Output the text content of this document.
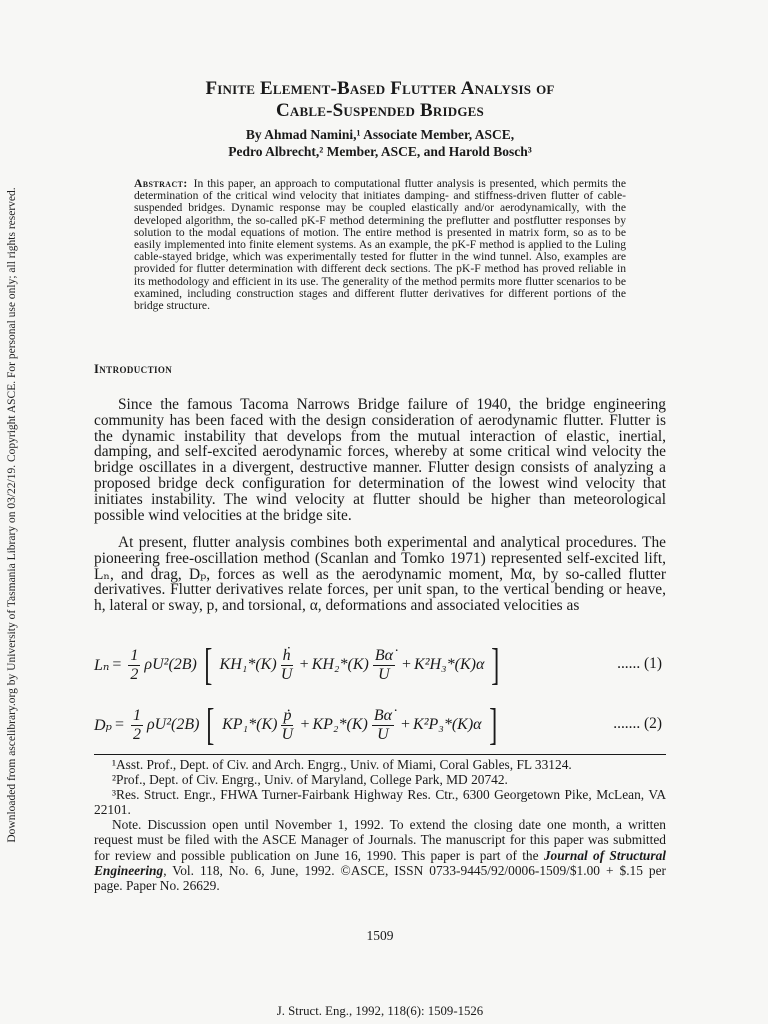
Downloaded from ascelibrary.org by University of Tasmania Library on 03/22/19. Copyright ASCE. For personal use only; all rights reserved.
Finite Element-Based Flutter Analysis of
Cable-Suspended Bridges
By Ahmad Namini,¹ Associate Member, ASCE,
Pedro Albrecht,² Member, ASCE, and Harold Bosch³
Abstract: In this paper, an approach to computational flutter analysis is presented, which permits the determination of the critical wind velocity that initiates damping- and stiffness-driven flutter of cable-suspended bridges. Dynamic response may be coupled elastically and/or aerodynamically, with the developed algorithm, the so-called pK-F method determining the preflutter and postflutter responses by solution to the modal equations of motion. The entire method is presented in matrix form, so as to be easily implemented into finite element systems. As an example, the pK-F method is applied to the Luling cable-stayed bridge, which was experimentally tested for flutter in the wind tunnel. Also, examples are provided for flutter determination with different deck sections. The pK-F method has proved reliable in its methodology and efficient in its use. The generality of the method permits more flutter scenarios to be examined, including construction stages and different flutter derivatives for different portions of the bridge structure.
Introduction

Since the famous Tacoma Narrows Bridge failure of 1940, the bridge engineering community has been faced with the design consideration of aerodynamic flutter. Flutter is the dynamic instability that develops from the mutual interaction of elastic, inertial, damping, and self-excited aerodynamic forces, whereby at some critical wind velocity the bridge oscillates in a divergent, destructive manner. Flutter design consists of analyzing a proposed bridge deck configuration for determination of the lowest wind velocity that initiates instability. The wind velocity at flutter should be higher than meteorological possible wind velocities at the bridge site.

At present, flutter analysis combines both experimental and analytical procedures. The pioneering free-oscillation method (Scanlan and Tomko 1971) represented self-excited lift, Lₙ, and drag, Dₚ, forces as well as the aerodynamic moment, Mα, by so-called flutter derivatives. Flutter derivatives relate forces, per unit span, to the vertical bending or heave, h, lateral or sway, p, and torsional, α, deformations and associated velocities as

$L_n = \frac{1}{2} \rho U^2(2B)$ [ $KH_1*(K) \frac{\text{ḣ}}{U} + KH_2*(K) \frac{B\alphȧ}{U} + K^2H_3*(K)\alpha$ ]	...... (1)
$D_p = \frac{1}{2} \rho U^2(2B)$ [ $KP_1*(K) \frac{\text{ṗ}}{U} + KP_2*(K) \frac{B\alphȧ}{U} + K^2P_3*(K)\alpha$ ]	....... (2)

¹Asst. Prof., Dept. of Civ. and Arch. Engrg., Univ. of Miami, Coral Gables, FL 33124.

²Prof., Dept. of Civ. Engrg., Univ. of Maryland, College Park, MD 20742.

³Res. Struct. Engr., FHWA Turner-Fairbank Highway Res. Ctr., 6300 Georgetown Pike, McLean, VA 22101.

Note. Discussion open until November 1, 1992. To extend the closing date one month, a written request must be filed with the ASCE Manager of Journals. The manuscript for this paper was submitted for review and possible publication on June 16, 1990. This paper is part of the Journal of Structural Engineering, Vol. 118, No. 6, June, 1992. ©ASCE, ISSN 0733-9445/92/0006-1509/$1.00 + $.15 per page. Paper No. 26629.

1509
J. Struct. Eng., 1992, 118(6): 1509-1526
